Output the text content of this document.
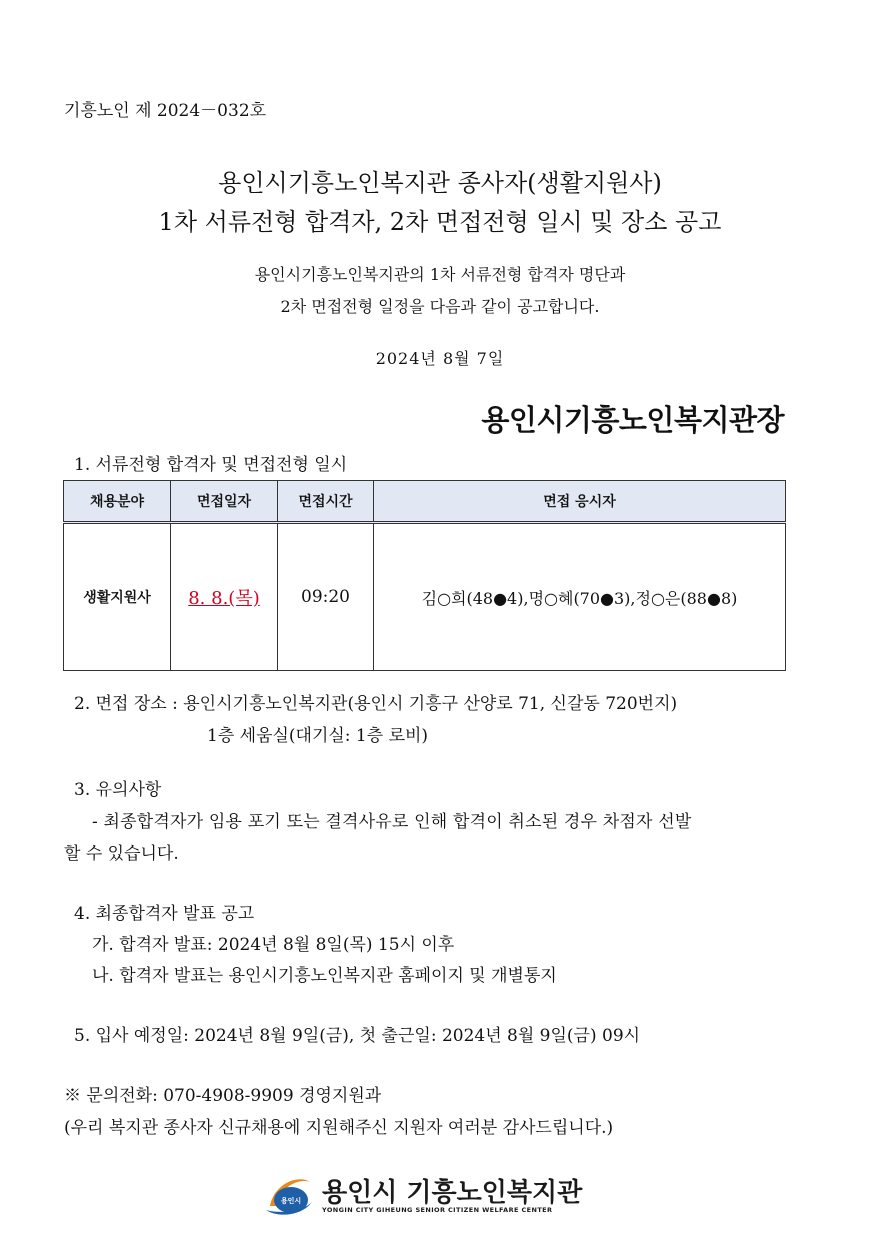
기흥노인 제 2024－032호
용인시기흥노인복지관 종사자(생활지원사)
1차 서류전형 합격자, 2차 면접전형 일시 및 장소 공고
용인시기흥노인복지관의 1차 서류전형 합격자 명단과
2차 면접전형 일정을 다음과 같이 공고합니다.
2024년 8월 7일
용인시기흥노인복지관장
1. 서류전형 합격자 및 면접전형 일시
채용분야	면접일자	면접시간	면접 응시자
생활지원사	8. 8.(목)	09:20	김○희(48●4),명○혜(70●3),정○은(88●8)
2. 면접 장소 : 용인시기흥노인복지관(용인시 기흥구 산양로 71, 신갈동 720번지)
1층 세움실(대기실: 1층 로비)
3. 유의사항
- 최종합격자가 임용 포기 또는 결격사유로 인해 합격이 취소된 경우 차점자 선발
할 수 있습니다.
4. 최종합격자 발표 공고
가. 합격자 발표: 2024년 8월 8일(목) 15시 이후
나. 합격자 발표는 용인시기흥노인복지관 홈페이지 및 개별통지
5. 입사 예정일: 2024년 8월 9일(금), 첫 출근일: 2024년 8월 9일(금) 09시
※ 문의전화: 070-4908-9909 경영지원과
(우리 복지관 종사자 신규채용에 지원해주신 지원자 여러분 감사드립니다.)
용인시 용인시 기흥노인복지관
YONGIN CITY GIHEUNG SENIOR CITIZEN WELFARE CENTER
